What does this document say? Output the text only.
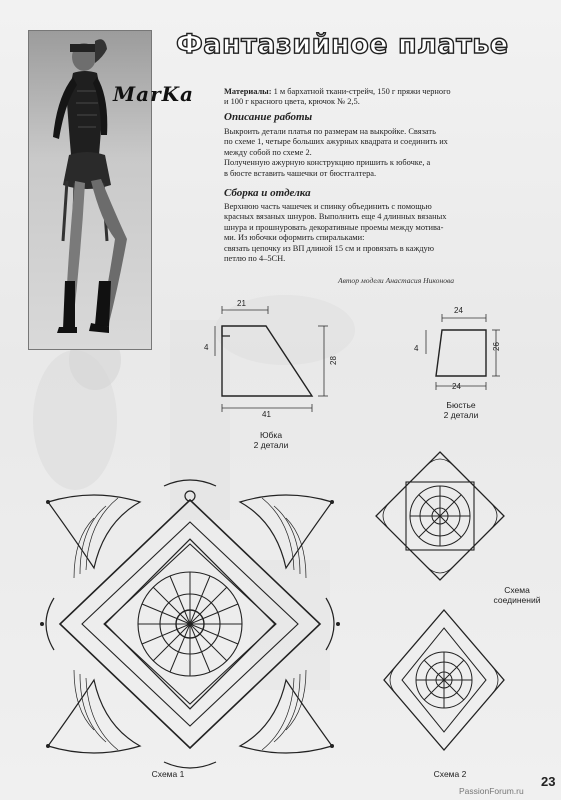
MarKa
Фантазийное платье
Материалы: 1 м бархатной ткани-стрейч, 150 г пряжи черного
и 100 г красного цвета, крючок № 2,5.
Описание работы
Выкроить детали платья по размерам на выкройке. Связать
по схеме 1, четыре больших ажурных квадрата и соединить их
между собой по схеме 2.
Полученную ажурную конструкцию пришить к юбочке, а
в бюсте вставить чашечки от бюстгалтера.
Сборка и отделка
Верхнюю часть чашечек и спинку объединить с помощью
красных вязаных шнуров. Выполнить еще 4 длинных вязаных
шнура и прошнуровать декоративные проемы между мотива-
ми. Из юбочки оформить спиральками:
связать цепочку из ВП длиной 15 см и провязать в каждую
петлю по 4–5СН.
Автор модели Анастасия Никонова
21
4
28
41
Юбка
2 детали
24
4	26
24
Бюстье
2 детали
Схема 1
Схема
соединений
Схема 2	23
PassionForum.ru
